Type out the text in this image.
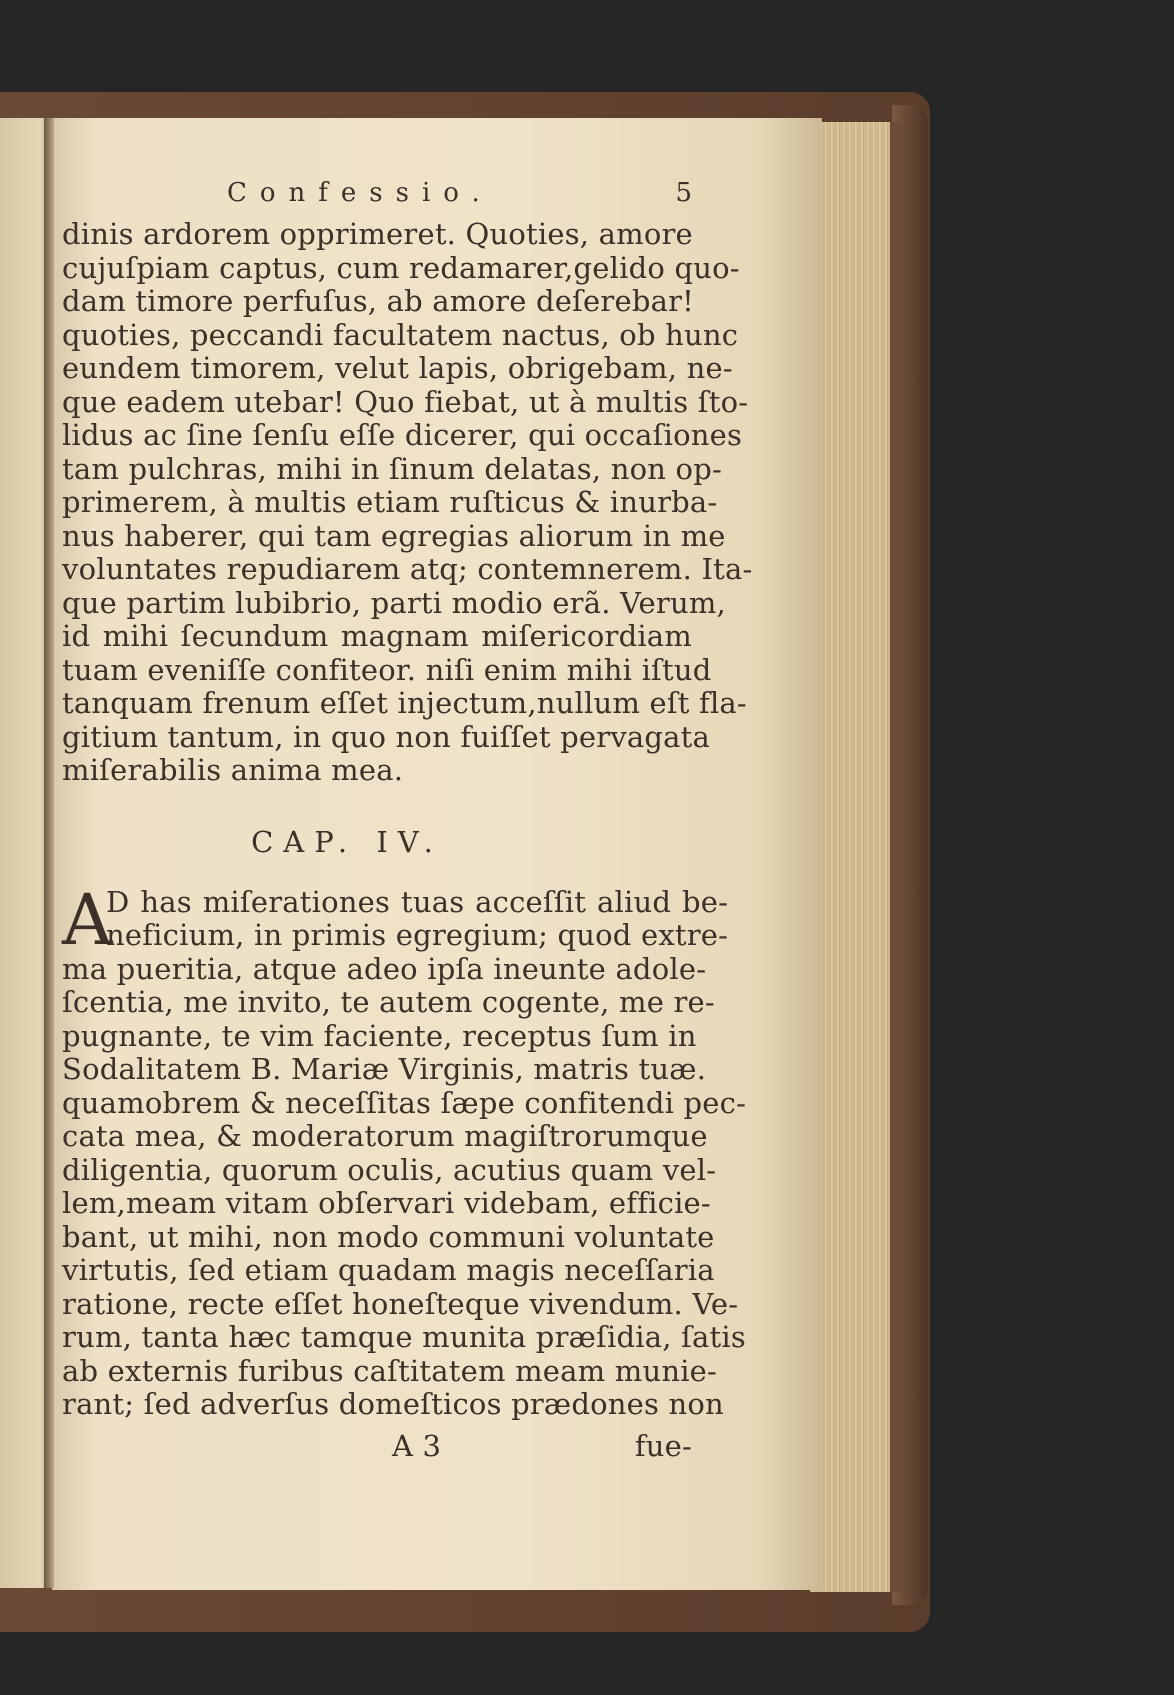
Confessio.	5
dinis ardorem opprimeret. Quoties, amore
cujuſpiam captus, cum redamarer,gelido quo-
dam timore perfuſus, ab amore deſerebar!
quoties, peccandi facultatem nactus, ob hunc
eundem timorem, velut lapis, obrigebam, ne-
que eadem utebar! Quo fiebat, ut à multis ſto-
lidus ac ſine ſenſu eſſe dicerer, qui occaſiones
tam pulchras, mihi in ſinum delatas, non op-
primerem, à multis etiam ruſticus & inurba-
nus haberer, qui tam egregias aliorum in me
voluntates repudiarem atq; contemnerem. Ita-
que partim lubibrio, parti modio erã. Verum,
id mihi ſecundum magnam miſericordiam
tuam eveniſſe confiteor. niſi enim mihi iſtud
tanquam frenum eſſet injectum,nullum eſt fla-
gitium tantum, in quo non fuiſſet pervagata
miſerabilis anima mea.
CAP. IV.
A
D has miſerationes tuas acceſſit aliud be-
neficium, in primis egregium; quod extre-
ma pueritia, atque adeo ipſa ineunte adole-
ſcentia, me invito, te autem cogente, me re-
pugnante, te vim faciente, receptus ſum in
Sodalitatem B. Mariæ Virginis, matris tuæ.
quamobrem & neceſſitas ſæpe confitendi pec-
cata mea, & moderatorum magiſtrorumque
diligentia, quorum oculis, acutius quam vel-
lem,meam vitam obſervari videbam, efficie-
bant, ut mihi, non modo communi voluntate
virtutis, ſed etiam quadam magis neceſſaria
ratione, recte eſſet honeſteque vivendum. Ve-
rum, tanta hæc tamque munita præſidia, ſatis
ab externis furibus caſtitatem meam munie-
rant; ſed adverſus domeſticos prædones non
A 3	fue-
